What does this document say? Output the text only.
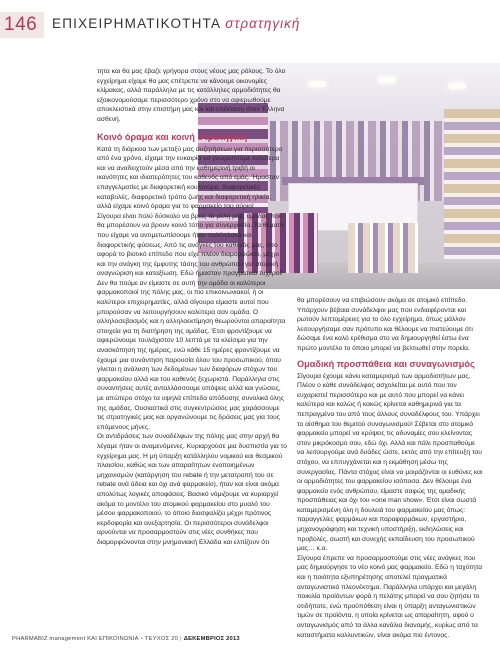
146	ΕΠΙΧΕΙΡΗΜΑΤΙΚΟΤΗΤΑ στρατηγική

τητα και θα μας έβαζε γρήγορα στους νέους μας ρόλους. Το όλο εγχείρημα είχαμε θα μας επέτρεπε να κάνουμε οικονομίες κλίμακας, αλλά παράλληλα με τις κατάλληλες αρμοδιότητες θα εξοικονομούσαμε περισσότερο χρόνο στο να αφιερωθούμε αποκλειστικά στην επιστήμη μας και και επέκταση στον Έλληνα ασθενή.

Κοινό όραμα και κοινή στρατηγική

Κατά τη διάρκεια των μεταξύ μας συζητήσεων για περισσότερο από ένα χρόνο, είχαμε την ευκαιρία να γνωριστούμε καλύτερα και να αναδειχτούν μέσα από την καθημερινή τριβή οι ικανότητες και ιδιαιτερότητες του καθενός από εμάς. Ήμασταν επαγγελματίες με διαφορετική κουλτούρα, διαφορετικές καταβολές, διαφορετικό τρόπο ζωής και διαφορετική ηλικία, αλλά είχαμε κοινό όραμα για το φαρμακείο του αύριο!

Σίγουρα είναι πολύ δύσκολο να βρεις τα μέλη μιας ομάδας που θα μπορέσουν να βρουν κοινό τόπο για συνεργασία. Τα θέματα που είχαμε να αντιμετωπίσουμε ήταν πολύπλοκα και διαφορετικής φύσεως. Από τις ανάγκες του καθενός μας, όσο αφορά το βιοτικό επίπεδο που είχε πλέον διαμορφώσει, μέχρι και την ανάγκη της έμφυτης τάσης του ανθρώπου για ατομική αναγνώριση και καταξίωση. Εδώ ήμασταν πραγματικά τυχεροί! Δεν θα πούμε αν είμαστε σε αυτή την ομάδα οι καλύτεροι φαρμακοποιοί της πόλης μας, οι πιο επικοινωνιακοί, ή οι καλύτεροι επιχειρηματίες, αλλά σίγουρα είμαστε αυτοί που μπορούσαν να λειτουργήσουν καλύτερα σαν ομάδα. Ο αλληλοσεβασμός και η αλληλοεκτίμηση θεωρούνται απαραίτητα στοιχεία για τη διατήρηση της ομάδας. Έτσι φροντίζουμε να αφιερώνουμε τουλάχιστον 10 λεπτά με τα κλείσιμο για την ανασκόπηση της ημέρας, ενώ κάθε 15 ημέρες φροντίζουμε να έχουμε μια συνάντηση παρουσία όλου του προσωπικού, όπου γίνεται η ανάλυση των δεδομένων των διαφόρων στόχων του φαρμακείου αλλά και του καθενός ξεχωριστά. Παράλληλα στις συναντήσεις αυτές ανταλλάσσουμε απόψεις αλλά και γνώσεις, με απώτερο στόχο τα υψηλά επίπεδα απόδοσης συνολικά όλης της ομάδας. Ουσιαστικά στις συγκεντρώσεις μας χαράσσουμε τις στρατηγικές μας και οργανώνουμε τις δράσεις μας για τους επόμενους μήνες.

Οι αντιδράσεις των συναδέλφων της πόλης μας στην αρχή θα λέγαμε ήταν οι αναμενόμενες. Κυριαρχούσε μια δυσπιστία για το εγχείρημα μας. Η μη ύπαρξη κατάλληλου νομικού και θεσμικού πλαισίου, καθώς και των απαραίτητων ενοποιημένων μηχανισμών (κατάργηση του rebate ή την μετατροπή του σε rebate ανά άδεια και όχι ανά φαρμακείο), ήταν και είναι ακόμα απολύτως λογικές αποφάσεις. Βασικό νόμιζουμε να κυριαρχεί ακόμα το μοντέλο του ατομικού φαρμακείου στο μυαλό του μέσου φαρμακοποιού, το όποιο διασφαλίζει μέχρι πρότινος κερδοφορία και ανεξαρτησία. Οι περισσότεροι συνάδελφοι αρνούνται να προσαρμοστούν στις νέες συνθήκες που διαμορφώνονται στην μνημονιακή Ελλάδα και ελπίζουν ότι

θα μπορέσουν να επιβιώσουν ακόμα σε ατομικό επίπεδο. Υπάρχουν βέβαια συνάδελφοι μας που ενδιαφέρονται και ρωτούν λεπτομέρειες για το όλο εγχείρημα, όπως μάλλον λειτουργήσαμε σαν πρότυπο και θέλουμε να πιστεύουμε ότι δώσαμε ένα καλό ερέθισμα στο να δημιουργηθεί έστω ένα πρώτο μοντέλο το όποιο μπορεί να βελτιωθεί στην πορεία.

Ομαδική προσπάθεια και συναγωνισμός

Σίγουρα έχουμε κάνει καταμερισμό των αρμοδιοτήτων μας. Πλέον ο κάθε συνάδελφος ασχολείται με αυτό που τον ευχαριστεί περισσότερο και με αυτό που μπορεί να κάνει καλύτερα και καλώς ή κακώς κρίνεται καθημερινά για τα πεπραγμένα του από τους άλλους συναδέλφους του. Υπάρχει το αίσθημα του θεμιτού συναγωνισμού! Σέβεται στο ατομικό φαρμακείο μπορεί να κρύψεις τις αδυναμίες σου κλείνοντας στον μικρόκοσμο σου, εδώ όχι. Αλλά και πάλι προσπαθούμε να λειτουργούμε ανά δυάδες ώστε, εκτός από την επίτευξη του στόχου, να επιτυγχάνεται και η εκμάθηση μέσω της συνεργασίας. Πάντα στόχος είναι να μοιράζονται οι ευθύνες και οι αρμοδιότητες του φαρμακείου ισόποσα. Δεν θέλουμε ένα φαρμακείο ενός ανθρώπου, είμαστε σαφώς της ομαδικής προσπάθειας και όχι του «one man show». Έτσι είναι σωστά καταμερισμένη όλη η δουλειά του φαρμακείου μας όπως: παραγγελίες φαρμάκων και παραφαρμάκων, εργαστήριο, μηχανογράφηση και τεχνική υποστήριξη, εκδηλώσεις και προβολές, σωστή και συνεχής εκπαίδευση του προσωπικού μας… κ.α.

Σίγουρα έπρεπε να προσαρμοστούμε στις νέες ανάγκες που μας δημιούργησε το νέο κοινό μας φαρμακείο. Εδώ η ταχύτητα και η ποιότητα εξυπηρέτησης αποτελεί πραγματικά ανταγωνιστικό πλεονέκτημα. Παράλληλα υπάρχει και μεγάλη ποικιλία προϊόντων φορά η πελάτης μπορεί να σου ζητήσει το οτιδήποτε, ενώ προϋπόθεση είναι η ύπαρξη ανταγωνιστικών τιμών σε προϊόντα, η οποία κρίνεται ως απαραίτητη, αφού ο ανταγωνισμός από τα άλλα κανάλια διανομής, κυρίως από τα καταστήματα καλλυντικών, είναι ακόμα πιο έντονος.

PHARMABIZ management ΚΑΙ ΕΠΙΚΟΙΝΩΝΙΑ • ΤΕΥΧΟΣ 20 | ΔΕΚΕΜΒΡΙΟΣ 2013
